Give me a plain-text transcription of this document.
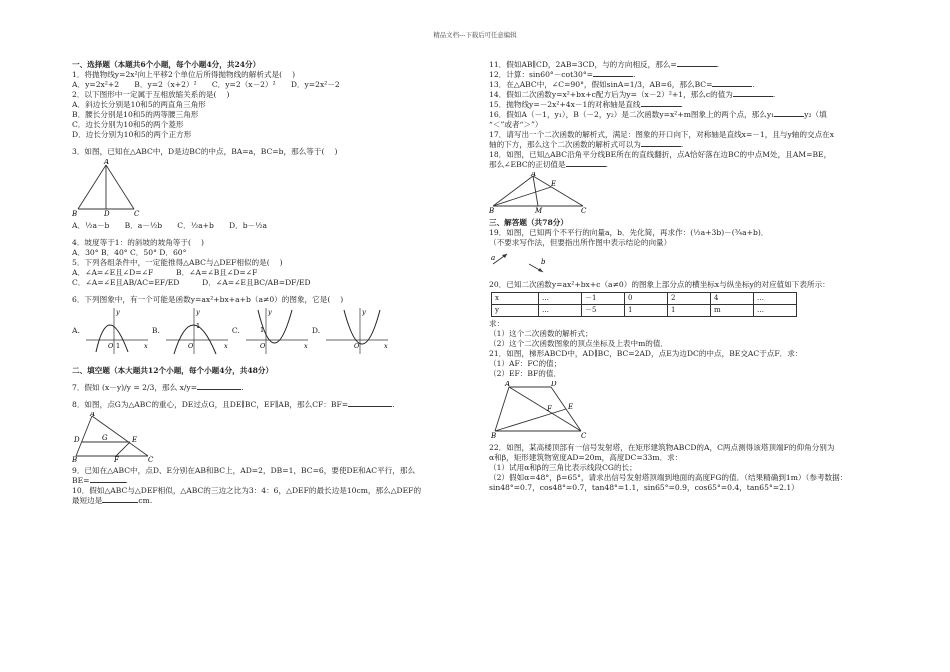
精品文档---下载后可任意编辑
一、选择题（本题共6个小题，每个小题4分，共24分）
1．将抛物线y=2x²向上平移2个单位后所得抛物线的解析式是(　 )
A．y=2x²+2　　B．y=2（x+2）²　　C．y=2（x－2）²　　D．y=2x²－2
2．以下图形中一定属于互相放缩关系的是(　 )
A．斜边长分别是10和5的两直角三角形
B．腰长分别是10和5的两等腰三角形
C．边长分别为10和5的两个菱形
D．边长分别为10和5的两个正方形
3．如图，已知在△ABC中，D是边BC的中点，BA=a，BC=b，那么等于(　 )
A
B	D	C
A．½a－b　　B．a－½b　　C．½a+b　　D．b－½a
4．坡度等于1：的斜坡的坡角等于(　 )
A．30° B．40° C．50° D．60°
5．下列各组条件中，一定能推得△ABC与△DEF相似的是(　 )
A．∠A=∠E且∠D=∠F　　　B．∠A=∠B且∠D=∠F
C．∠A=∠E且AB/AC=EF/ED　　　D．∠A=∠E且BC/AB=DF/ED
6．下列图象中，有一个可能是函数y=ax²+bx+a+b（a≠0）的图象，它是(　 )
A.
O 1
y
x
B.
O
1
y
x
C.
O
1
y
x
D.
O
y
x
二、填空题（本大题共12个小题，每个小题4分，共48分）
7．假如 (x－y)/y = 2/3，那么 x/y=	.
8．如图，点G为△ABC的重心，DE过点G，且DE∥BC，EF∥AB，那么CF：BF=	.
A
D	G	E
B	F	C
9．已知在△ABC中，点D、E分别在AB和BC上，AD=2，DB=1，BC=6，要使DE和AC平行，那么
BE=	.
10．假如△ABC与△DEF相似，△ABC的三边之比为3：4：6，△DEF的最长边是10cm，那么△DEF的
最短边是	cm.
11．假如AB∥CD，2AB=3CD，与的方向相反，那么=	.
12．计算：sin60°－cot30°=	.
13．在△ABC中，∠C=90°，假如sinA=1/3，AB=6，那么BC=	.
14．假如二次函数y=x²+bx+c配方后为y=（x－2）²+1，那么c的值为	.
15．抛物线y=－2x²+4x－1的对称轴是直线	.
16．假如A（－1，y₁），B（－2，y₂）是二次函数y=x²+m图象上的两个点，那么y₁	y₂（填
“＜”或者“＞”）
17．请写出一个二次函数的解析式，满足：图象的开口向下，对称轴是直线x=－1，且与y轴的交点在x
轴的下方，那么这个二次函数的解析式可以为	.
18．如图，已知△ABC沿角平分线BE所在的直线翻折，点A恰好落在边BC的中点M处，且AM=BE，
那么∠EBC的正切值是	.
A
E
B	M	C
三、解答题（共78分）
19．如图，已知两个不平行的向量a，b．先化简，再求作：(½a+3b)－(¾a+b)．
（不要求写作法，但要指出所作图中表示结论的向量）
a	b
20．已知二次函数y=ax²+bx+c（a≠0）的图象上部分点的横坐标x与纵坐标y的对应值如下表所示：
x	…	－1	0	2	4	…
y	…	－5	1	1	m	…
求：
（1）这个二次函数的解析式；
（2）这个二次函数图象的顶点坐标及上表中m的值．
21．如图，梯形ABCD中，AD∥BC，BC=2AD，点E为边DC的中点，BE交AC于点F．求：
（1）AF：FC的值；
（2）EF：BF的值．
A	D
E
F
B	C
22．如图，某高楼顶部有一信号发射塔，在矩形建筑物ABCD的A，C两点测得该塔顶端F的仰角分别为
α和β，矩形建筑物宽度AD=20m，高度DC=33m．求：
（1）试用α和β的三角比表示线段CG的长；
（2）假如α=48°，β=65°，请求出信号发射塔顶端到地面的高度FG的值．（结果精确到1m）（参考数据：
sin48°=0.7，cos48°=0.7，tan48°=1.1，sin65°=0.9，cos65°=0.4，tan65°=2.1）
